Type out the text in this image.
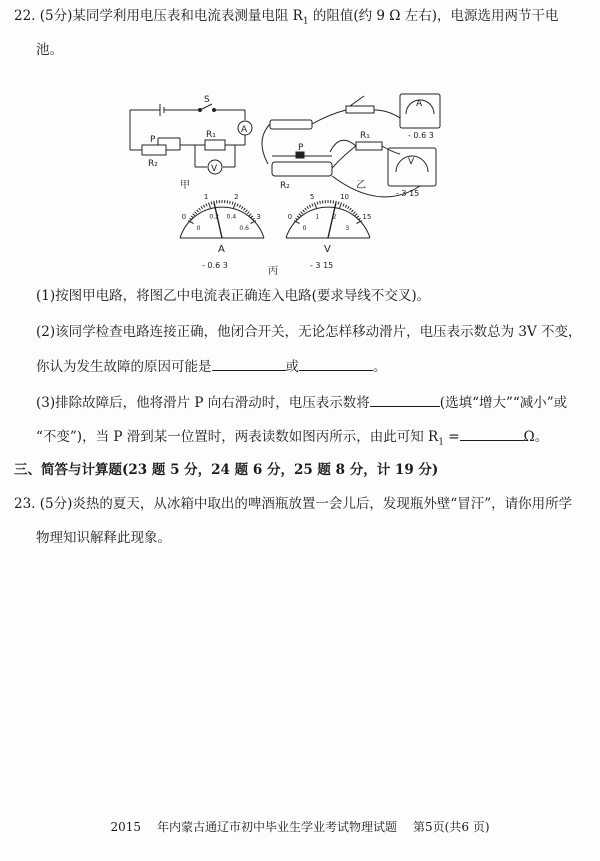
22. (5分)某同学利用电压表和电流表测量电阻 $R_1$ 的阻值(约 9 Ω 左右)，电源选用两节干电
池。
S
P	R₁
R₂
A
V
甲
P
R₁
R₂
A
- 0.6 3
V
- 3 15
乙
A
- 0.6 3
V
- 3 15
丙
0
0
1
0.2
2
0.4	3
0.6
0
0
5
1
10
2	15
3
(1)按图甲电路，将图乙中电流表正确连入电路(要求导线不交叉)。
(2)该同学检查电路连接正确，他闭合开关，无论怎样移动滑片，电压表示数总为 3V 不变，
你认为发生故障的原因可能是	或	。
(3)排除故障后，他将滑片 P 向右滑动时，电压表示数将	(选填“增大”“减小”或
“不变”)，当 P 滑到某一位置时，两表读数如图丙所示，由此可知 $R_1$ =	Ω。
三、简答与计算题(23 题 5 分，24 题 6 分，25 题 8 分，计 19 分)
23. (5分)炎热的夏天，从冰箱中取出的啤酒瓶放置一会儿后，发现瓶外壁“冒汗”，请你用所学
物理知识解释此现象。
2015 年内蒙古通辽市初中毕业生学业考试物理试题 第5页(共6 页)
